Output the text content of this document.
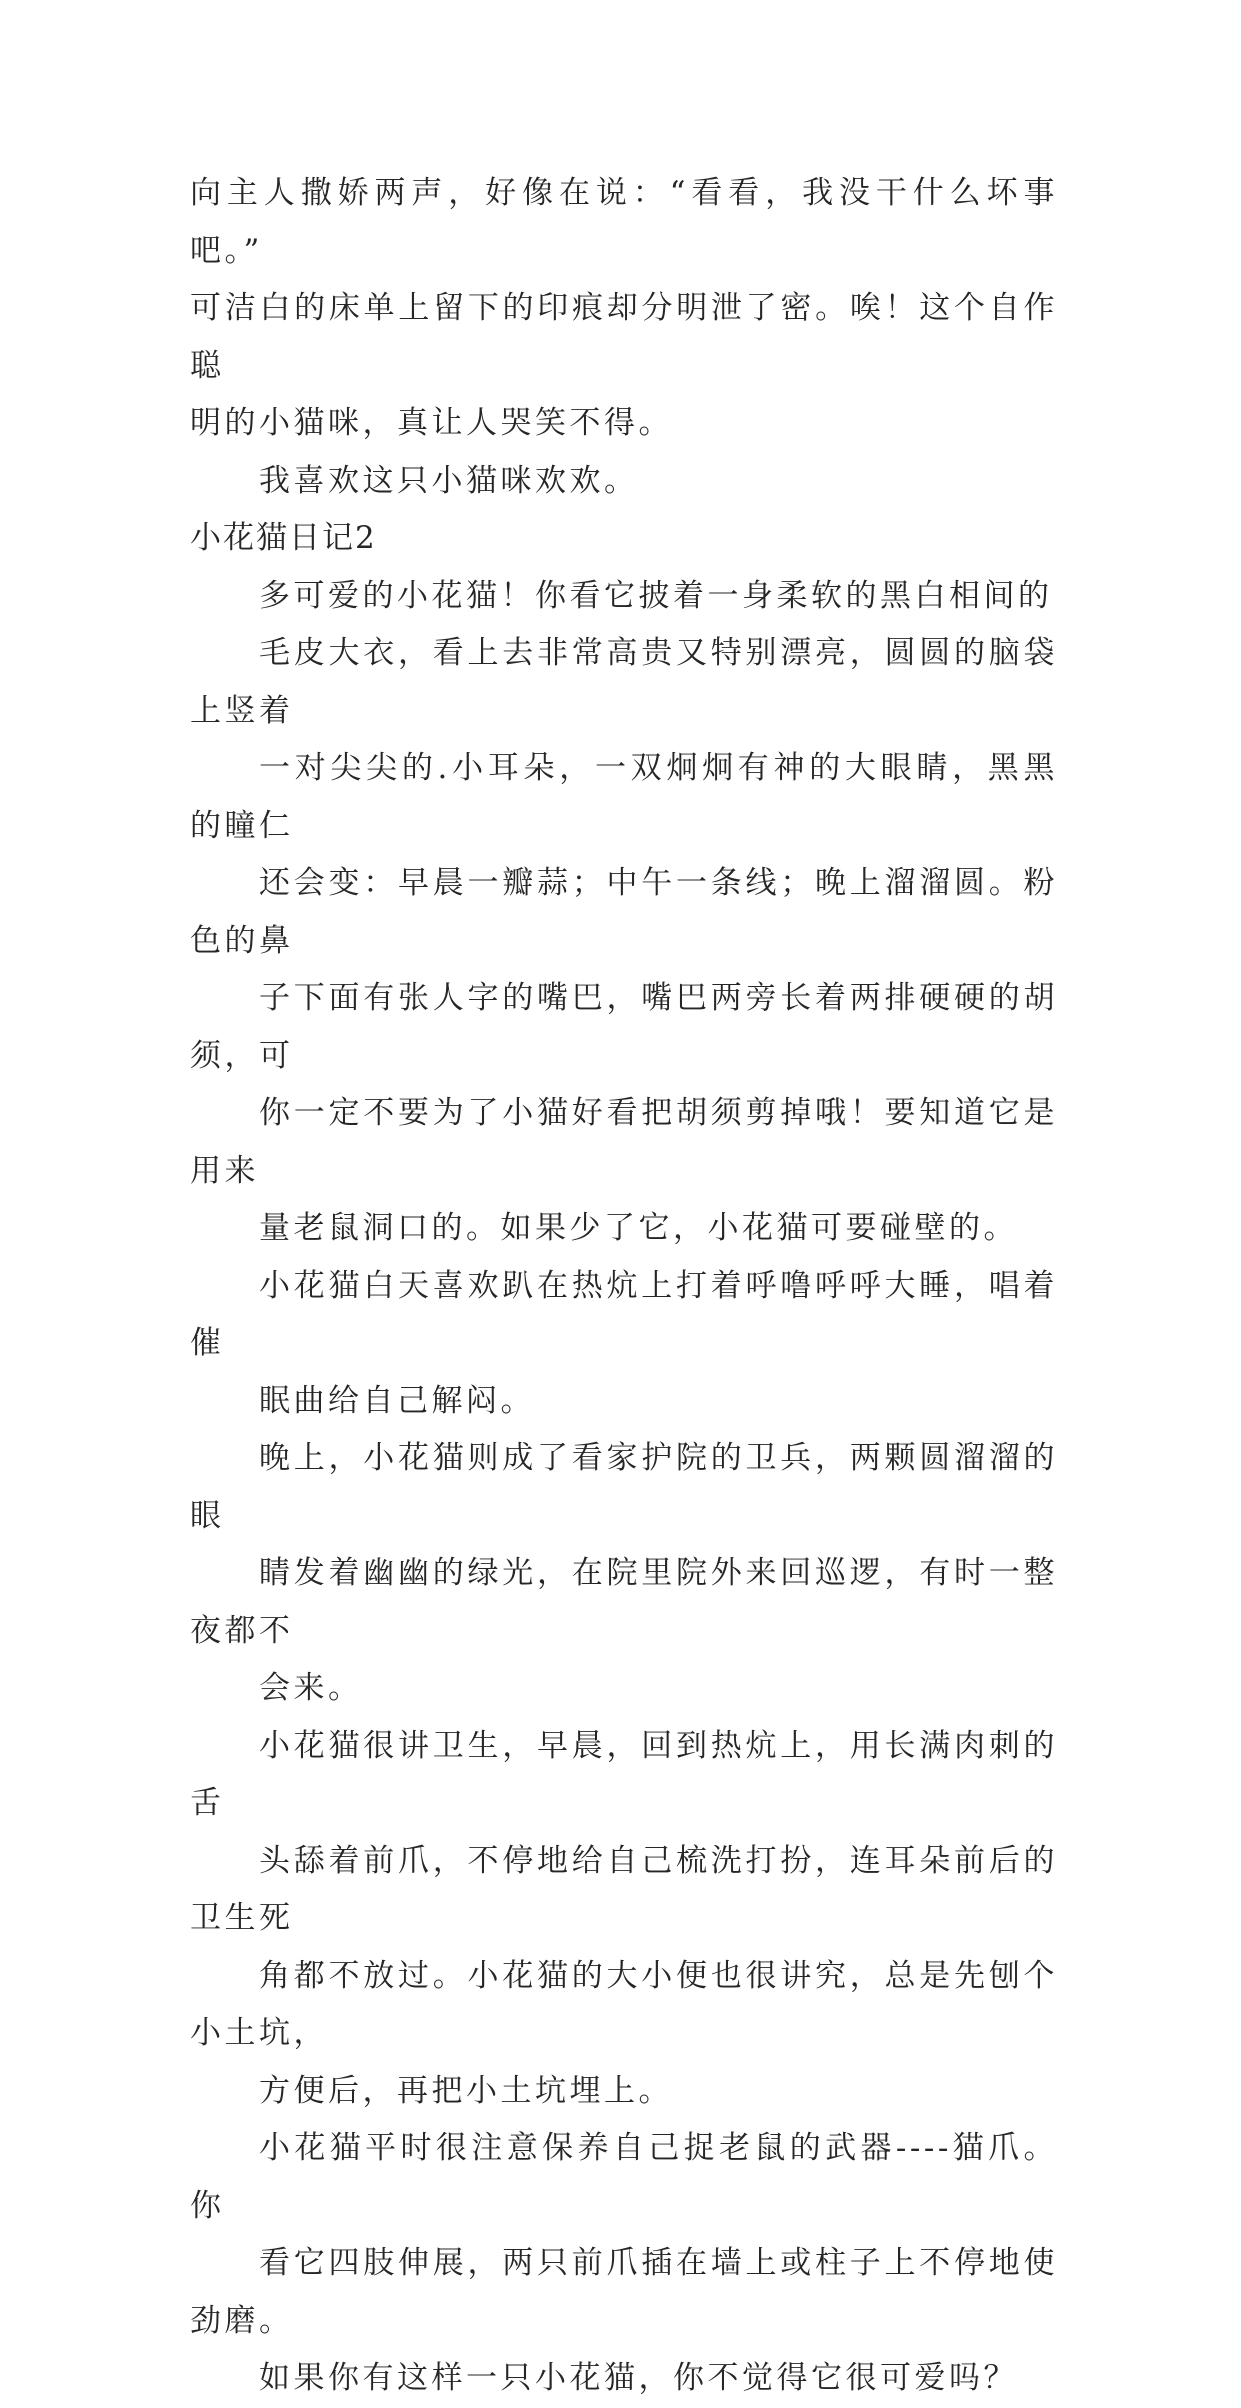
向主人撒娇两声，好像在说：“看看，我没干什么坏事吧。”
可洁白的床单上留下的印痕却分明泄了密。唉！这个自作聪
明的小猫咪，真让人哭笑不得。

我喜欢这只小猫咪欢欢。

小花猫日记2

多可爱的小花猫！你看它披着一身柔软的黑白相间的
毛皮大衣，看上去非常高贵又特别漂亮，圆圆的脑袋上竖着
一对尖尖的.小耳朵，一双炯炯有神的大眼睛，黑黑的瞳仁
还会变：早晨一瓣蒜；中午一条线；晚上溜溜圆。粉色的鼻
子下面有张人字的嘴巴，嘴巴两旁长着两排硬硬的胡须，可
你一定不要为了小猫好看把胡须剪掉哦！要知道它是用来
量老鼠洞口的。如果少了它，小花猫可要碰壁的。

小花猫白天喜欢趴在热炕上打着呼噜呼呼大睡，唱着催
眠曲给自己解闷。

晚上，小花猫则成了看家护院的卫兵，两颗圆溜溜的眼
睛发着幽幽的绿光，在院里院外来回巡逻，有时一整夜都不
会来。

小花猫很讲卫生，早晨，回到热炕上，用长满肉刺的舌
头舔着前爪，不停地给自己梳洗打扮，连耳朵前后的卫生死
角都不放过。小花猫的大小便也很讲究，总是先刨个小土坑，
方便后，再把小土坑埋上。

小花猫平时很注意保养自己捉老鼠的武器----猫爪。你
看它四肢伸展，两只前爪插在墙上或柱子上不停地使劲磨。

如果你有这样一只小花猫，你不觉得它很可爱吗？
